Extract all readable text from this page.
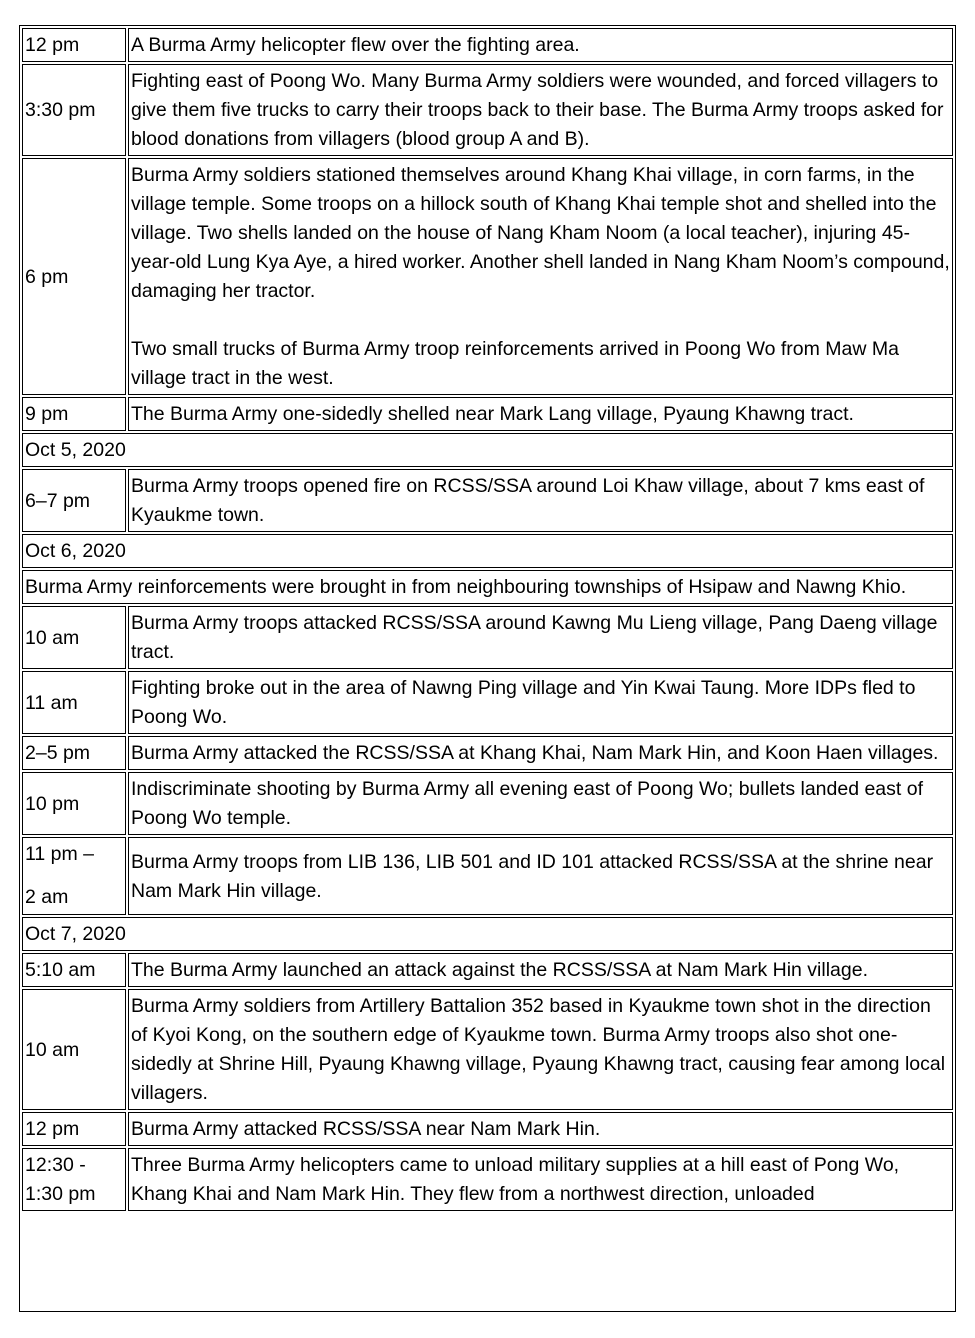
12 pm	A Burma Army helicopter flew over the fighting area.

3:30 pm	Fighting east of Poong Wo. Many Burma Army soldiers were wounded, and forced villagers to give them five trucks to carry their troops back to their base. The Burma Army troops asked for blood donations from villagers (blood group A and B).

6 pm	Burma Army soldiers stationed themselves around Khang Khai village, in corn farms, in the village temple. Some troops on a hillock south of Khang Khai temple shot and shelled into the village. Two shells landed on the house of Nang Kham Noom (a local teacher), injuring 45-year-old Lung Kya Aye, a hired worker. Another shell landed in Nang Kham Noom’s compound, damaging her tractor.
Two small trucks of Burma Army troop reinforcements arrived in Poong Wo from Maw Ma village tract in the west.

9 pm	The Burma Army one-sidedly shelled near Mark Lang village, Pyaung Khawng tract.

Oct 5, 2020	
6–7 pm	Burma Army troops opened fire on RCSS/SSA around Loi Khaw village, about 7 kms east of Kyaukme town.

Oct 6, 2020	
Burma Army reinforcements were brought in from neighbouring townships of Hsipaw and Nawng Khio.	
10 am	Burma Army troops attacked RCSS/SSA around Kawng Mu Lieng village, Pang Daeng village tract.

11 am	Fighting broke out in the area of Nawng Ping village and Yin Kwai Taung. More IDPs fled to Poong Wo.

2–5 pm	Burma Army attacked the RCSS/SSA at Khang Khai, Nam Mark Hin, and Koon Haen villages.

10 pm	Indiscriminate shooting by Burma Army all evening east of Poong Wo; bullets landed east of Poong Wo temple.

11 pm –
2 am	Burma Army troops from LIB 136, LIB 501 and ID 101 attacked RCSS/SSA at the shrine near Nam Mark Hin village.

Oct 7, 2020	
5:10 am	The Burma Army launched an attack against the RCSS/SSA at Nam Mark Hin village.

10 am	Burma Army soldiers from Artillery Battalion 352 based in Kyaukme town shot in the direction of Kyoi Kong, on the southern edge of Kyaukme town. Burma Army troops also shot one-sidedly at Shrine Hill, Pyaung Khawng village, Pyaung Khawng tract, causing fear among local villagers.

12 pm	Burma Army attacked RCSS/SSA near Nam Mark Hin.

12:30 - 1:30 pm	Three Burma Army helicopters came to unload military supplies at a hill east of Pong Wo, Khang Khai and Nam Mark Hin. They flew from a northwest direction, unloaded
